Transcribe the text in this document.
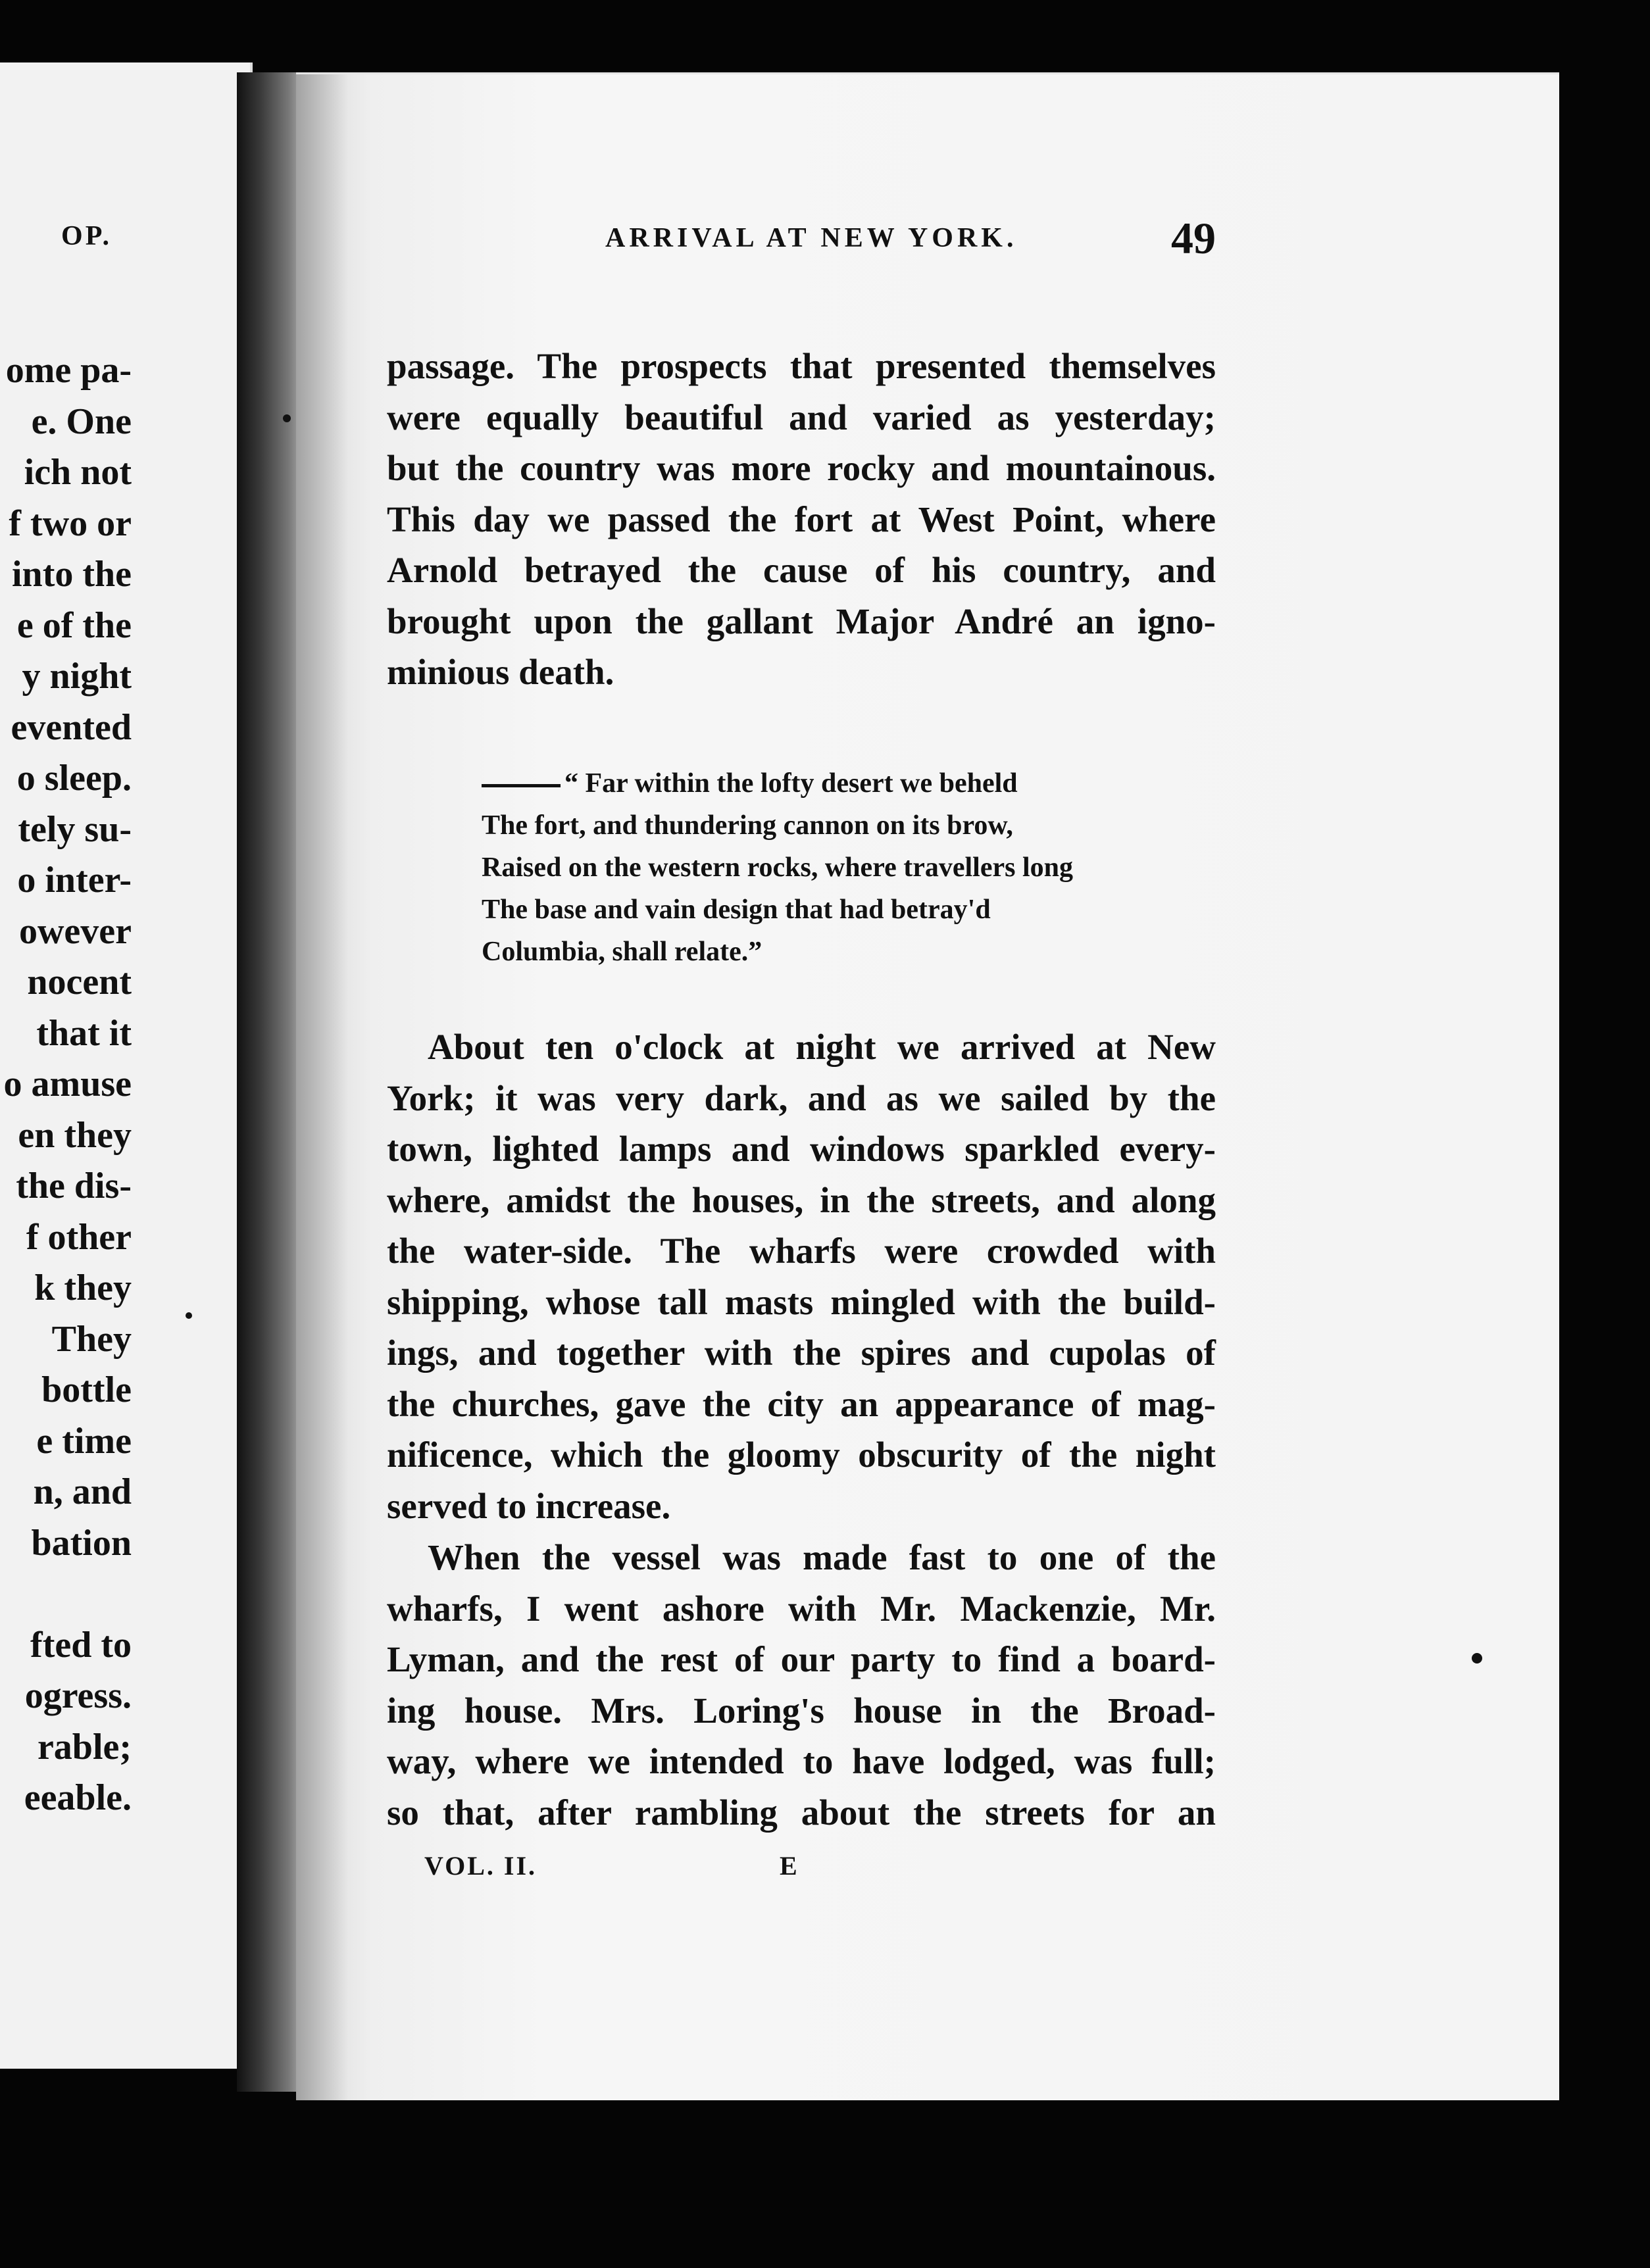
OP.
ome pa-
e. One
ich not
f two or
into the
e of the
y night
evented
o sleep.
tely su-
o inter-
owever
nocent
that it
o amuse
en they
the dis-
f other
k they
They
bottle
e time
n, and
bation
fted to
ogress.
rable;
eeable.
ARRIVAL AT NEW YORK.	49
passage. The prospects that presented themselves
were equally beautiful and varied as yesterday;
but the country was more rocky and mountainous.
This day we passed the fort at West Point, where
Arnold betrayed the cause of his country, and
brought upon the gallant Major André an igno-
minious death.
“ Far within the lofty desert we beheld
The fort, and thundering cannon on its brow,
Raised on the western rocks, where travellers long
The base and vain design that had betray'd
Columbia, shall relate.”
About ten o'clock at night we arrived at New
York; it was very dark, and as we sailed by the
town, lighted lamps and windows sparkled every-
where, amidst the houses, in the streets, and along
the water-side. The wharfs were crowded with
shipping, whose tall masts mingled with the build-
ings, and together with the spires and cupolas of
the churches, gave the city an appearance of mag-
nificence, which the gloomy obscurity of the night
served to increase.
When the vessel was made fast to one of the
wharfs, I went ashore with Mr. Mackenzie, Mr.
Lyman, and the rest of our party to find a board-
ing house. Mrs. Loring's house in the Broad-
way, where we intended to have lodged, was full;
so that, after rambling about the streets for an
VOL. II.	E
